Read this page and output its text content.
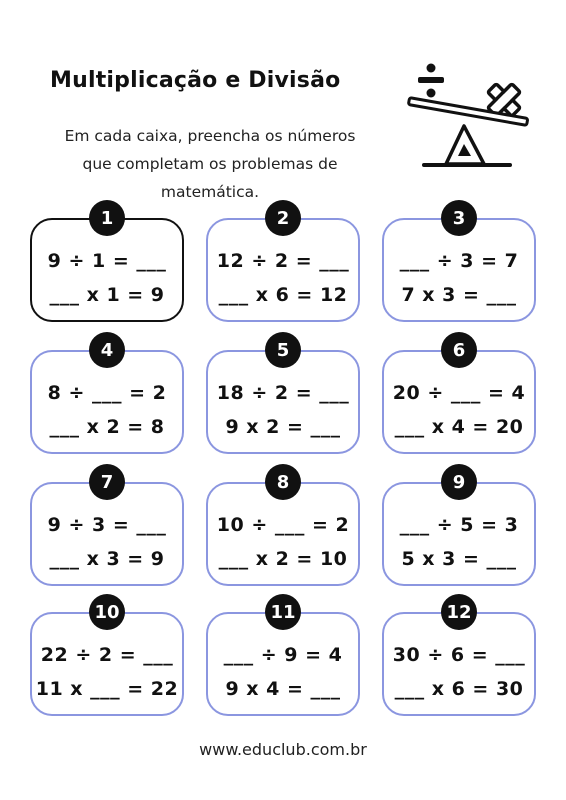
Multiplicação e Divisão
Em cada caixa, preencha os números
que completam os problemas de
matemática.
9 ÷ 1 = ___
___ x 1 = 9
1
12 ÷ 2 = ___
___ x 6 = 12
2
___ ÷ 3 = 7
7 x 3 = ___
3
8 ÷ ___ = 2
___ x 2 = 8
4
18 ÷ 2 = ___
9 x 2 = ___
5
20 ÷ ___ = 4
___ x 4 = 20
6
9 ÷ 3 = ___
___ x 3 = 9
7
10 ÷ ___ = 2
___ x 2 = 10
8
___ ÷ 5 = 3
5 x 3 = ___
9
22 ÷ 2 = ___
11 x ___ = 22
10
___ ÷ 9 = 4
9 x 4 = ___
11
30 ÷ 6 = ___
___ x 6 = 30
12
www.educlub.com.br
